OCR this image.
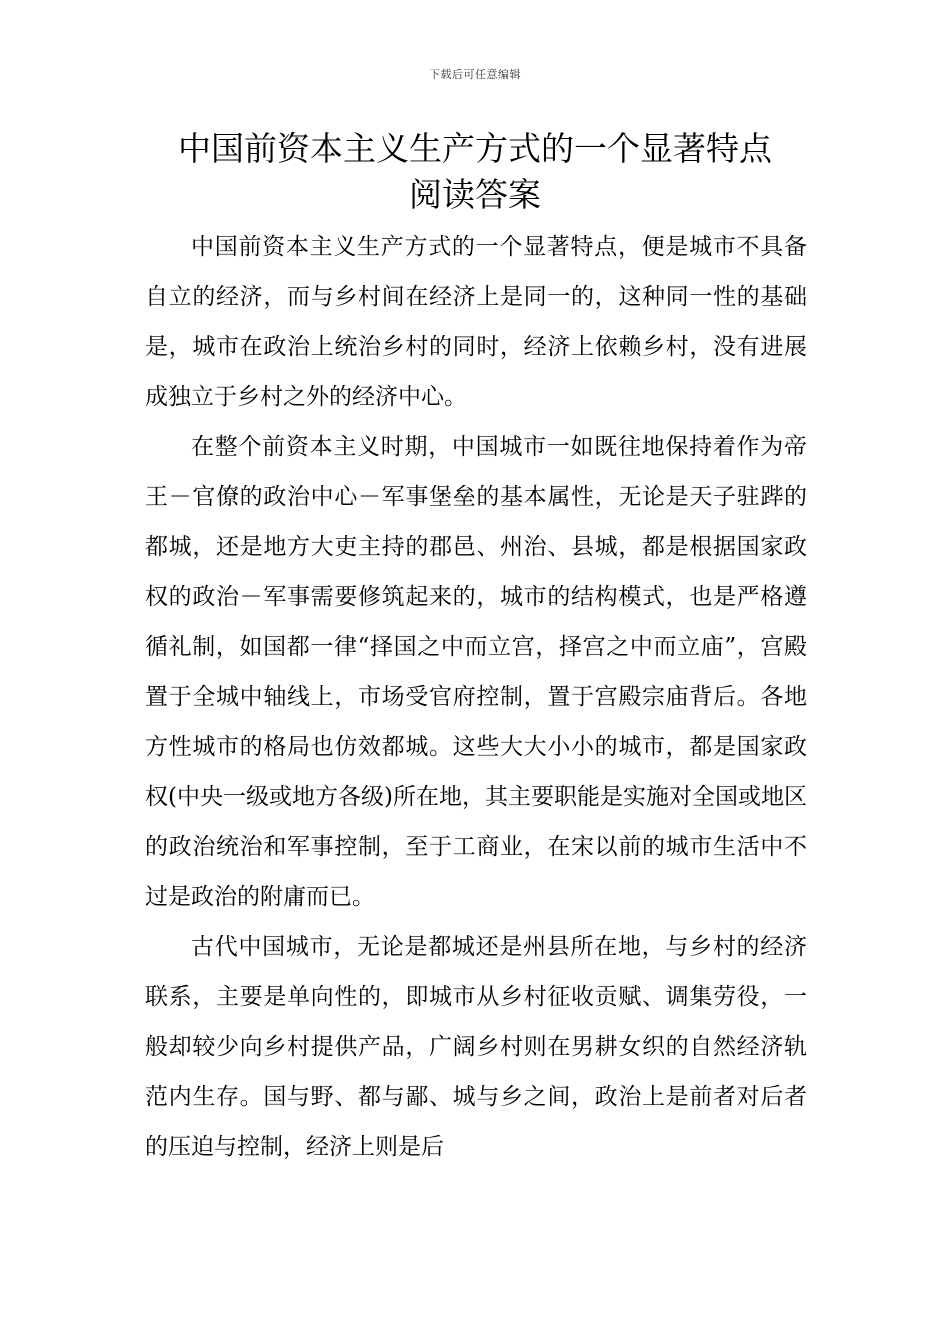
下载后可任意编辑
中国前资本主义生产方式的一个显著特点
阅读答案

中国前资本主义生产方式的一个显著特点，便是城市不具备自立的经济，而与乡村间在经济上是同一的，这种同一性的基础是，城市在政治上统治乡村的同时，经济上依赖乡村，没有进展成独立于乡村之外的经济中心。

在整个前资本主义时期，中国城市一如既往地保持着作为帝王－官僚的政治中心－军事堡垒的基本属性，无论是天子驻跸的都城，还是地方大吏主持的郡邑、州治、县城，都是根据国家政权的政治－军事需要修筑起来的，城市的结构模式，也是严格遵循礼制，如国都一律“择国之中而立宫，择宫之中而立庙”，宫殿置于全城中轴线上，市场受官府控制，置于宫殿宗庙背后。各地方性城市的格局也仿效都城。这些大大小小的城市，都是国家政权(中央一级或地方各级)所在地，其主要职能是实施对全国或地区的政治统治和军事控制，至于工商业，在宋以前的城市生活中不过是政治的附庸而已。

古代中国城市，无论是都城还是州县所在地，与乡村的经济联系，主要是单向性的，即城市从乡村征收贡赋、调集劳役，一般却较少向乡村提供产品，广阔乡村则在男耕女织的自然经济轨范内生存。国与野、都与鄙、城与乡之间，政治上是前者对后者的压迫与控制，经济上则是后
